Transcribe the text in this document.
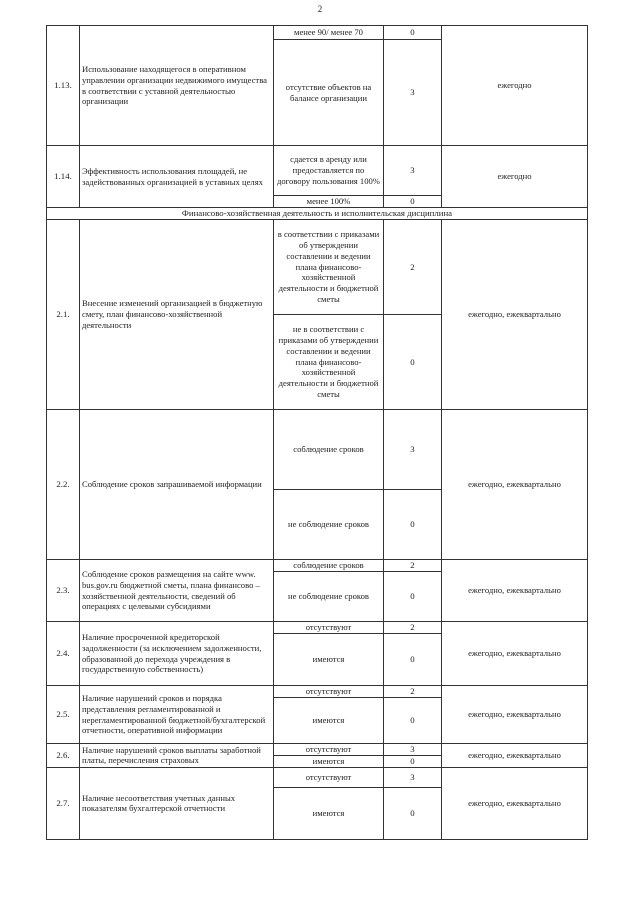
2
1.13.	Использование находящегося в оперативном управлении организации недвижимого имущества в соответствии с уставной деятельностью организации	менее 90/ менее 70	0	ежегодно
		отсутствие объектов на балансе организации	3	
1.14.	Эффективность использования площадей, не задействованных организацией в уставных целях	сдается в аренду или предоставляется по договору пользования 100%	3	ежегодно
		менее 100%	0	
Финансово-хозяйственная деятельность и исполнительская дисциплина				
2.1.	Внесение изменений организацией в бюджетную смету, план финансово-хозяйственной деятельности	в соответствии с приказами об утверждении составлении и ведении плана финансово-хозяйственной деятельности и бюджетной сметы	2	ежегодно, ежеквартально
		не в соответствии с приказами об утверждении составлении и ведении плана финансово-хозяйственной деятельности и бюджетной сметы	0	
2.2.	Соблюдение сроков запрашиваемой информации	соблюдение сроков	3	ежегодно, ежеквартально
		не соблюдение сроков	0	
2.3.	Соблюдение сроков размещения на сайте www. bus.gov.ru бюджетной сметы, плана финансово – хозяйственной деятельности, сведений об операциях с целевыми субсидиями	соблюдение сроков	2	ежегодно, ежеквартально
		не соблюдение сроков	0	
2.4.	Наличие просроченной кредиторской задолженности (за исключением задолженности, образованной до перехода учреждения в государственную собственность)	отсутствуют	2	ежегодно, ежеквартально
		имеются	0	
2.5.	Наличие нарушений сроков и порядка представления регламентированной и нерегламентированной бюджетной/бухгалтерской отчетности, оперативной информации	отсутствуют	2	ежегодно, ежеквартально
		имеются	0	
2.6.	Наличие нарушений сроков выплаты заработной платы, перечисления страховых	отсутствуют	3	ежегодно, ежеквартально
		имеются	0	
2.7.	Наличие несоответствия учетных данных показателям бухгалтерской отчетности	отсутствуют	3	ежегодно, ежеквартально
		имеются	0	
